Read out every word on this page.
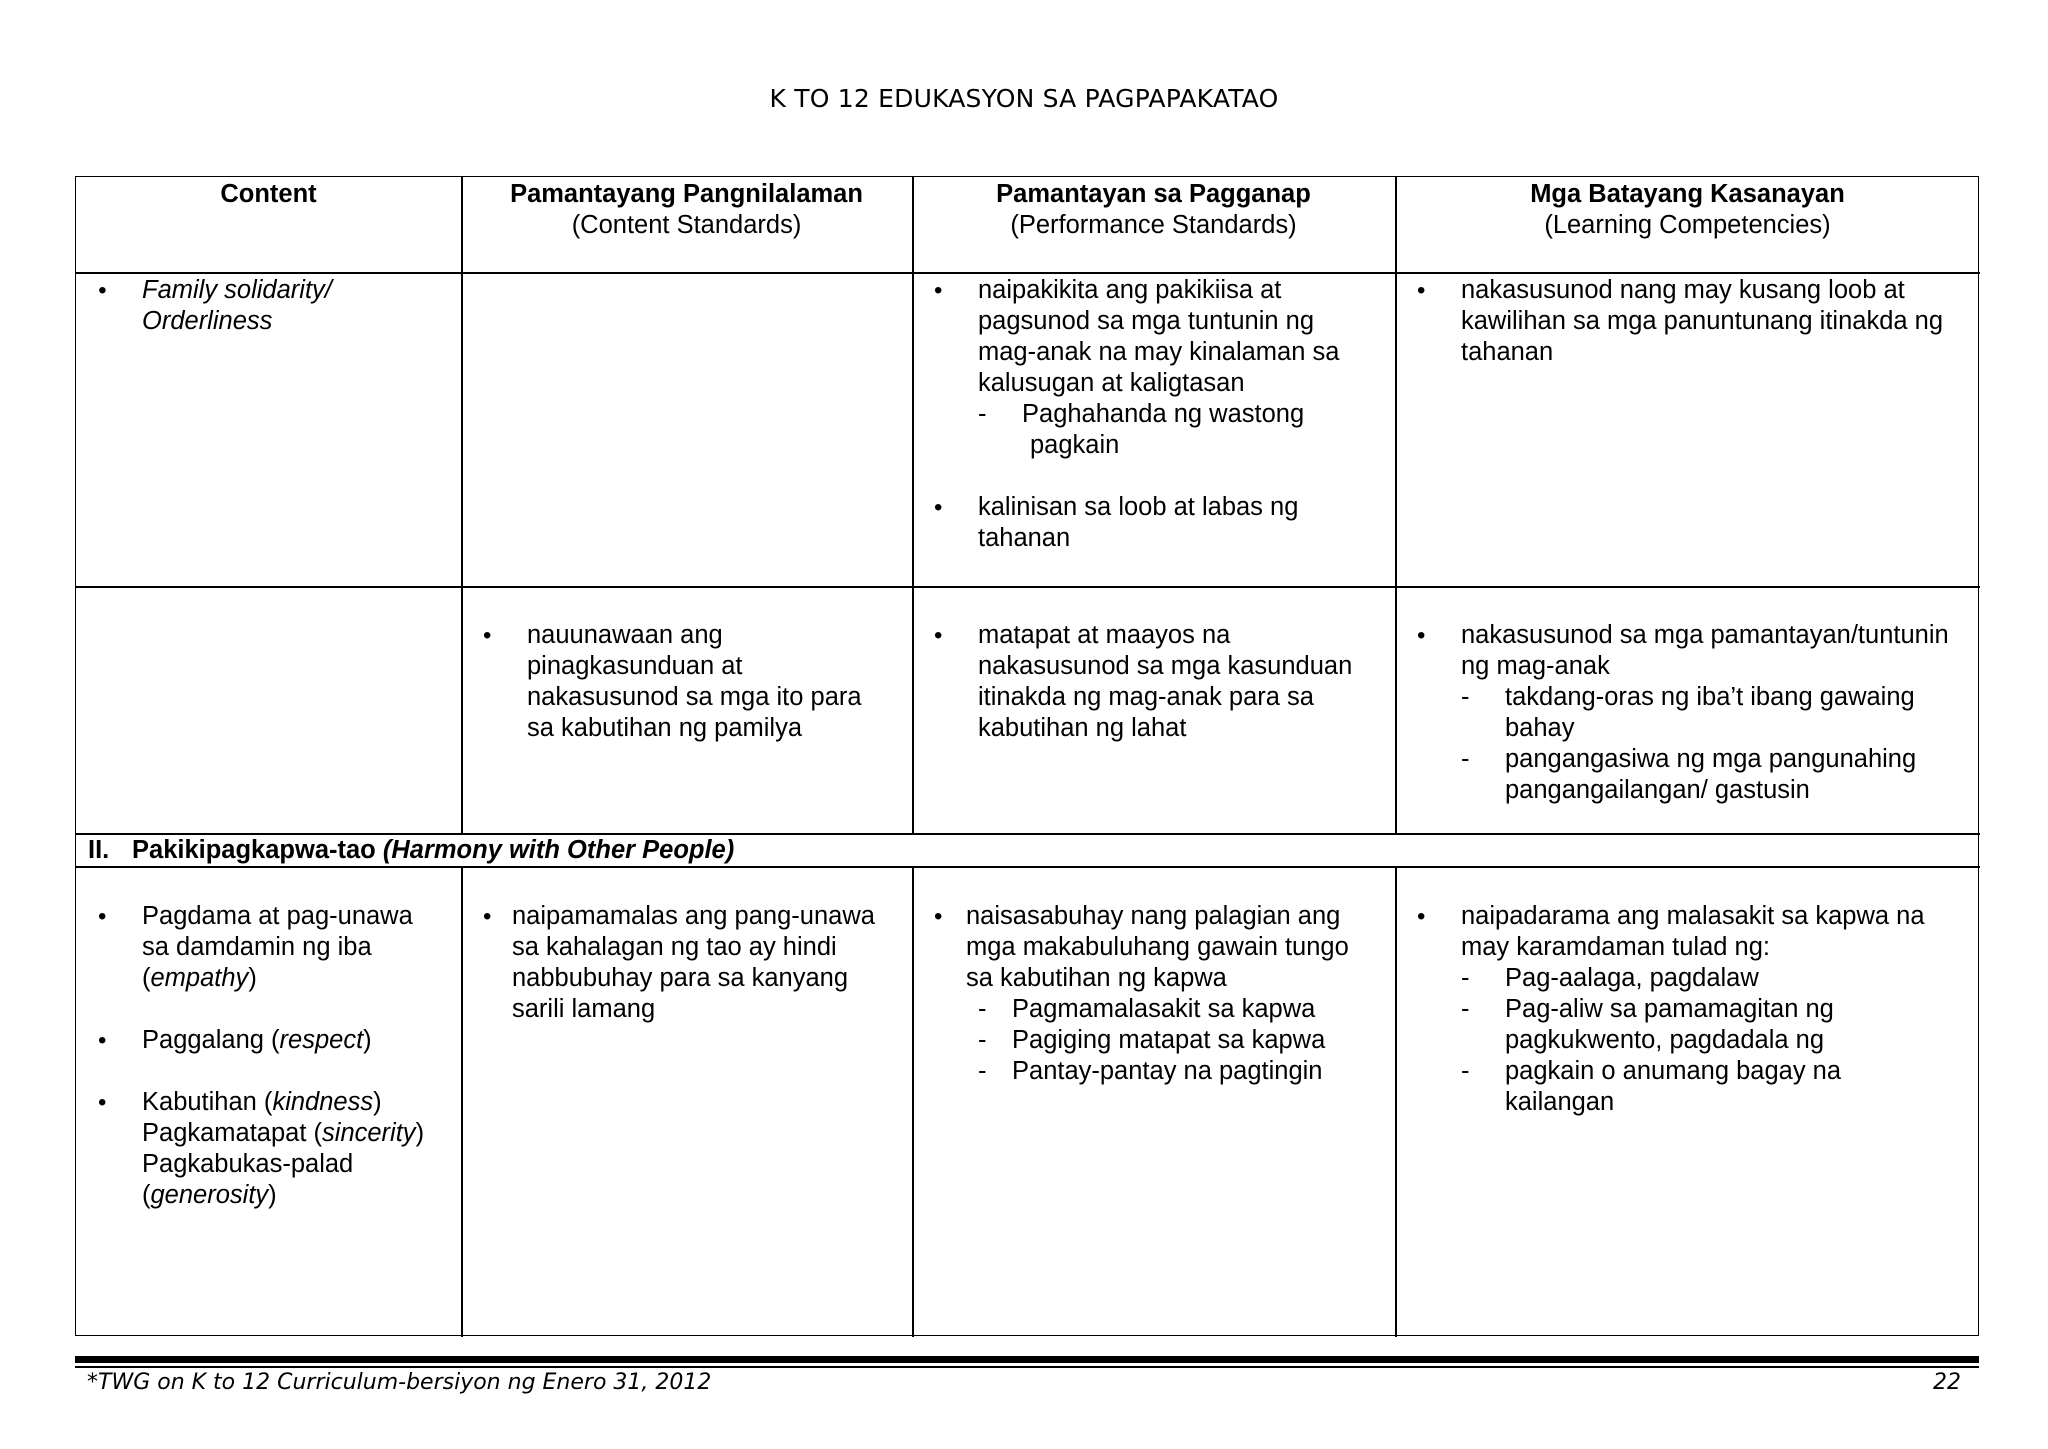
K TO 12 EDUKASYON SA PAGPAPAKATAO
Content	Pamantayang Pangnilalaman
(Content Standards)
Pamantayan sa Pagganap
(Performance Standards)
Mga Batayang Kasanayan
(Learning Competencies)
• Family solidarity/
Orderliness
• naipakikita ang pakikiisa at
pagsunod sa mga tuntunin ng
mag-anak na may kinalaman sa
kalusugan at kaligtasan
- Paghahanda ng wastong
pagkain
• kalinisan sa loob at labas ng
tahanan
• nakasusunod nang may kusang loob at
kawilihan sa mga panuntunang itinakda ng
tahanan
• nauunawaan ang
pinagkasunduan at
nakasusunod sa mga ito para
sa kabutihan ng pamilya
• matapat at maayos na
nakasusunod sa mga kasunduan
itinakda ng mag-anak para sa
kabutihan ng lahat
• nakasusunod sa mga pamantayan/tuntunin
ng mag-anak
- takdang-oras ng iba’t ibang gawaing
bahay
- pangangasiwa ng mga pangunahing
pangangailangan/ gastusin
II. Pakikipagkapwa-tao (Harmony with Other People)
• Pagdama at pag-unawa
sa damdamin ng iba
(empathy)
• Paggalang (respect)
• Kabutihan (kindness)
Pagkamatapat (sincerity)
Pagkabukas-palad
(generosity)
• naipamamalas ang pang-unawa
sa kahalagan ng tao ay hindi
nabbubuhay para sa kanyang
sarili lamang
• naisasabuhay nang palagian ang
mga makabuluhang gawain tungo
sa kabutihan ng kapwa
- Pagmamalasakit sa kapwa
- Pagiging matapat sa kapwa
- Pantay-pantay na pagtingin
• naipadarama ang malasakit sa kapwa na
may karamdaman tulad ng:
- Pag-aalaga, pagdalaw
- Pag-aliw sa pamamagitan ng
pagkukwento, pagdadala ng
- pagkain o anumang bagay na
kailangan
*TWG on K to 12 Curriculum-bersiyon ng Enero 31, 2012	22
